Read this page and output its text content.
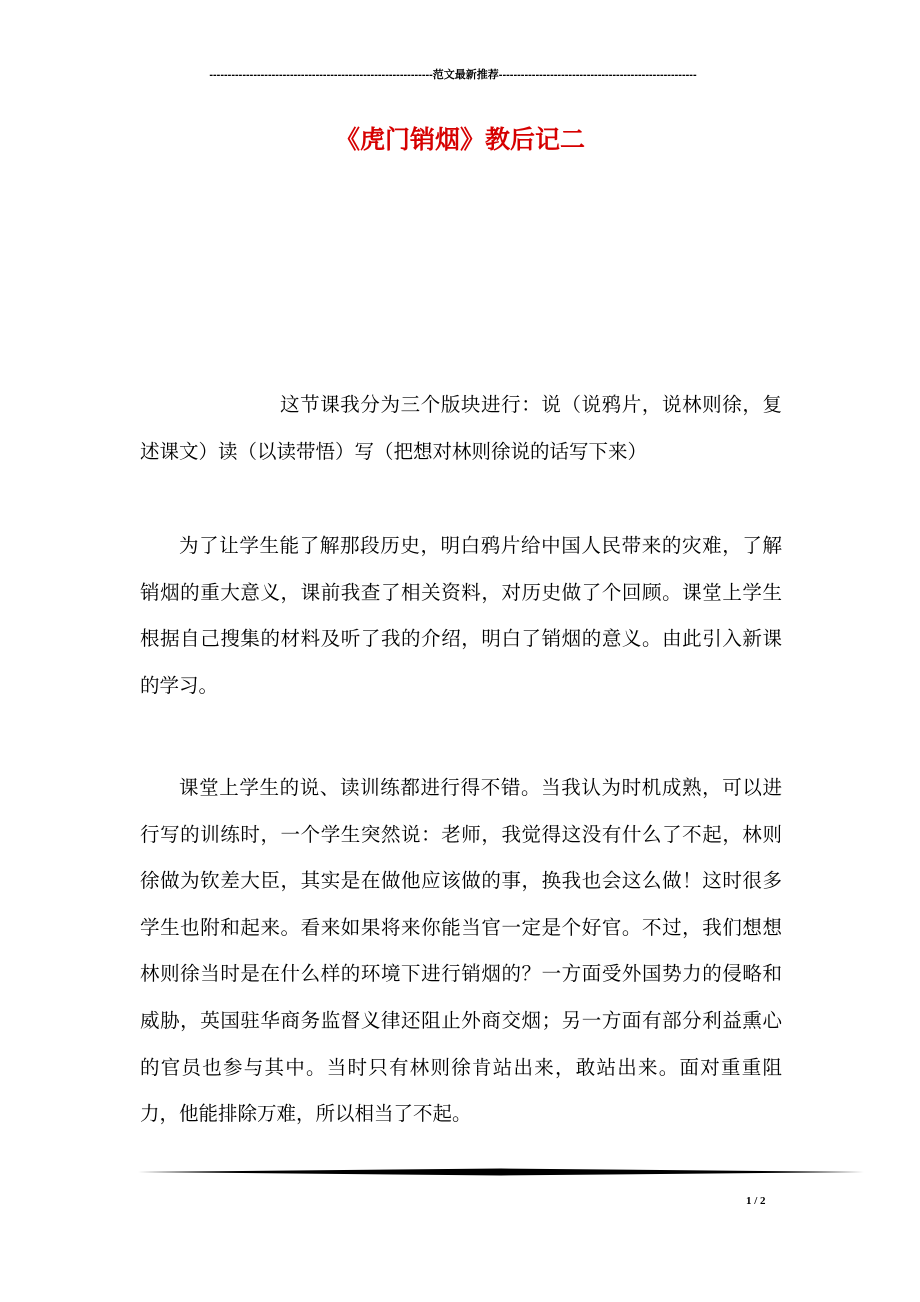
-------------------------------------------------------------范文最新推荐------------------------------------------------------
《虎门销烟》教后记二

这节课我分为三个版块进行：说（说鸦片，说林则徐，复述课文）读（以读带悟）写（把想对林则徐说的话写下来）

为了让学生能了解那段历史，明白鸦片给中国人民带来的灾难，了解销烟的重大意义，课前我查了相关资料，对历史做了个回顾。课堂上学生根据自己搜集的材料及听了我的介绍，明白了销烟的意义。由此引入新课的学习。

课堂上学生的说、读训练都进行得不错。当我认为时机成熟，可以进行写的训练时，一个学生突然说：老师，我觉得这没有什么了不起，林则徐做为钦差大臣，其实是在做他应该做的事，换我也会这么做！这时很多学生也附和起来。看来如果将来你能当官一定是个好官。不过，我们想想林则徐当时是在什么样的环境下进行销烟的？一方面受外国势力的侵略和威胁，英国驻华商务监督义律还阻止外商交烟；另一方面有部分利益熏心的官员也参与其中。当时只有林则徐肯站出来，敢站出来。面对重重阻力，他能排除万难，所以相当了不起。

1 / 2
